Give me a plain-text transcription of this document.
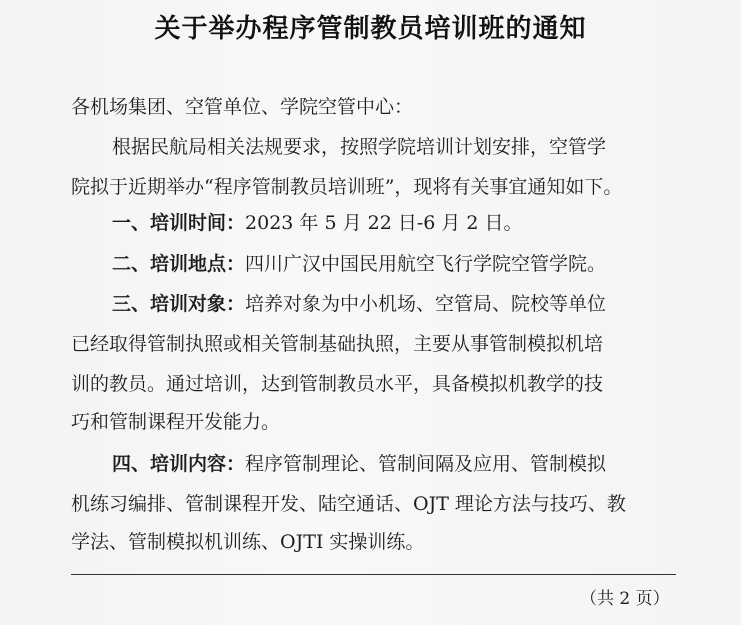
关于举办程序管制教员培训班的通知
各机场集团、空管单位、学院空管中心：
根据民航局相关法规要求，按照学院培训计划安排，空管学
院拟于近期举办“程序管制教员培训班”，现将有关事宜通知如下。
一、培训时间：2023 年 5 月 22 日-6 月 2 日。
二、培训地点：四川广汉中国民用航空飞行学院空管学院。
三、培训对象：培养对象为中小机场、空管局、院校等单位
已经取得管制执照或相关管制基础执照，主要从事管制模拟机培
训的教员。通过培训，达到管制教员水平，具备模拟机教学的技
巧和管制课程开发能力。
四、培训内容：程序管制理论、管制间隔及应用、管制模拟
机练习编排、管制课程开发、陆空通话、OJT 理论方法与技巧、教
学法、管制模拟机训练、OJTI 实操训练。
（共 2 页）
